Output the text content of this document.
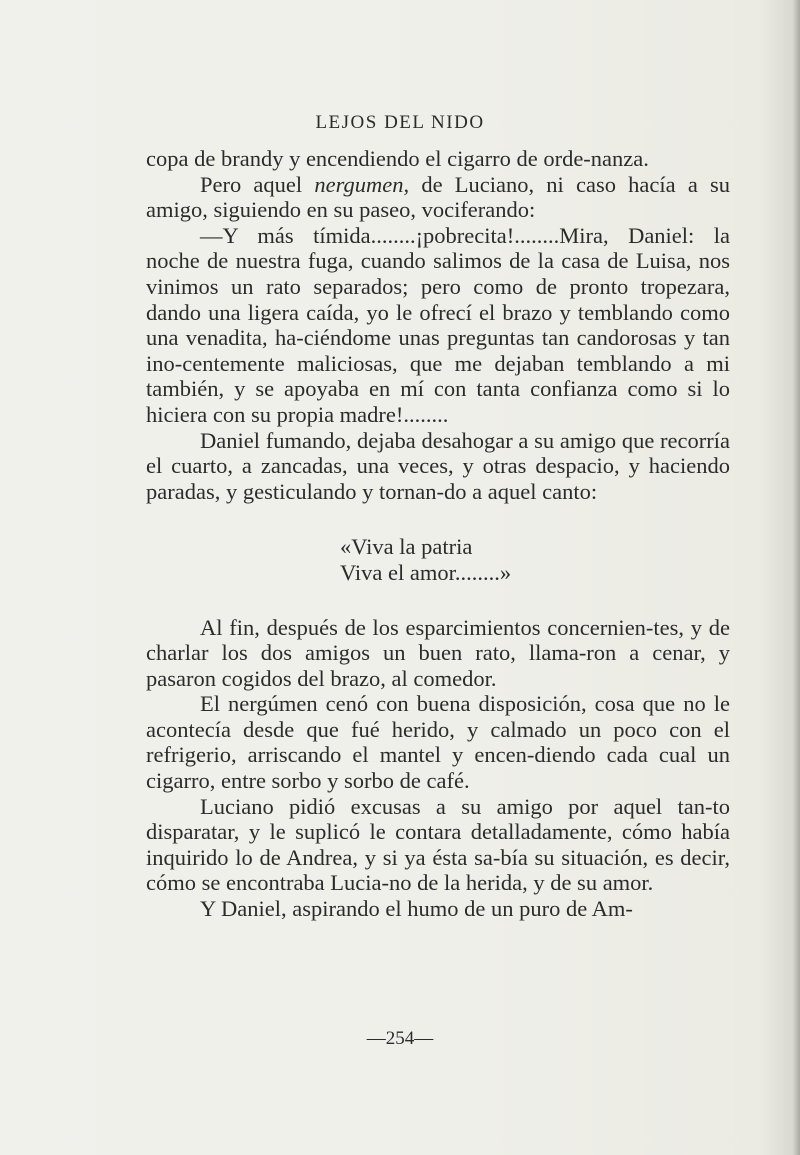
LEJOS DEL NIDO

copa de brandy y encendiendo el cigarro de orde-nanza.

Pero aquel nergumen, de Luciano, ni caso hacía a su amigo, siguiendo en su paseo, vociferando:

—Y más tímida........¡pobrecita!........Mira, Daniel: la noche de nuestra fuga, cuando salimos de la casa de Luisa, nos vinimos un rato separados; pero como de pronto tropezara, dando una ligera caída, yo le ofrecí el brazo y temblando como una venadita, ha-ciéndome unas preguntas tan candorosas y tan ino-centemente maliciosas, que me dejaban temblando a mi también, y se apoyaba en mí con tanta confianza como si lo hiciera con su propia madre!........

Daniel fumando, dejaba desahogar a su amigo que recorría el cuarto, a zancadas, una veces, y otras despacio, y haciendo paradas, y gesticulando y tornan-do a aquel canto:

«Viva la patria
Viva el amor........»

Al fin, después de los esparcimientos concernien-tes, y de charlar los dos amigos un buen rato, llama-ron a cenar, y pasaron cogidos del brazo, al comedor.

El nergúmen cenó con buena disposición, cosa que no le acontecía desde que fué herido, y calmado un poco con el refrigerio, arriscando el mantel y encen-diendo cada cual un cigarro, entre sorbo y sorbo de café.

Luciano pidió excusas a su amigo por aquel tan-to disparatar, y le suplicó le contara detalladamente, cómo había inquirido lo de Andrea, y si ya ésta sa-bía su situación, es decir, cómo se encontraba Lucia-no de la herida, y de su amor.

Y Daniel, aspirando el humo de un puro de Am-

—254—
